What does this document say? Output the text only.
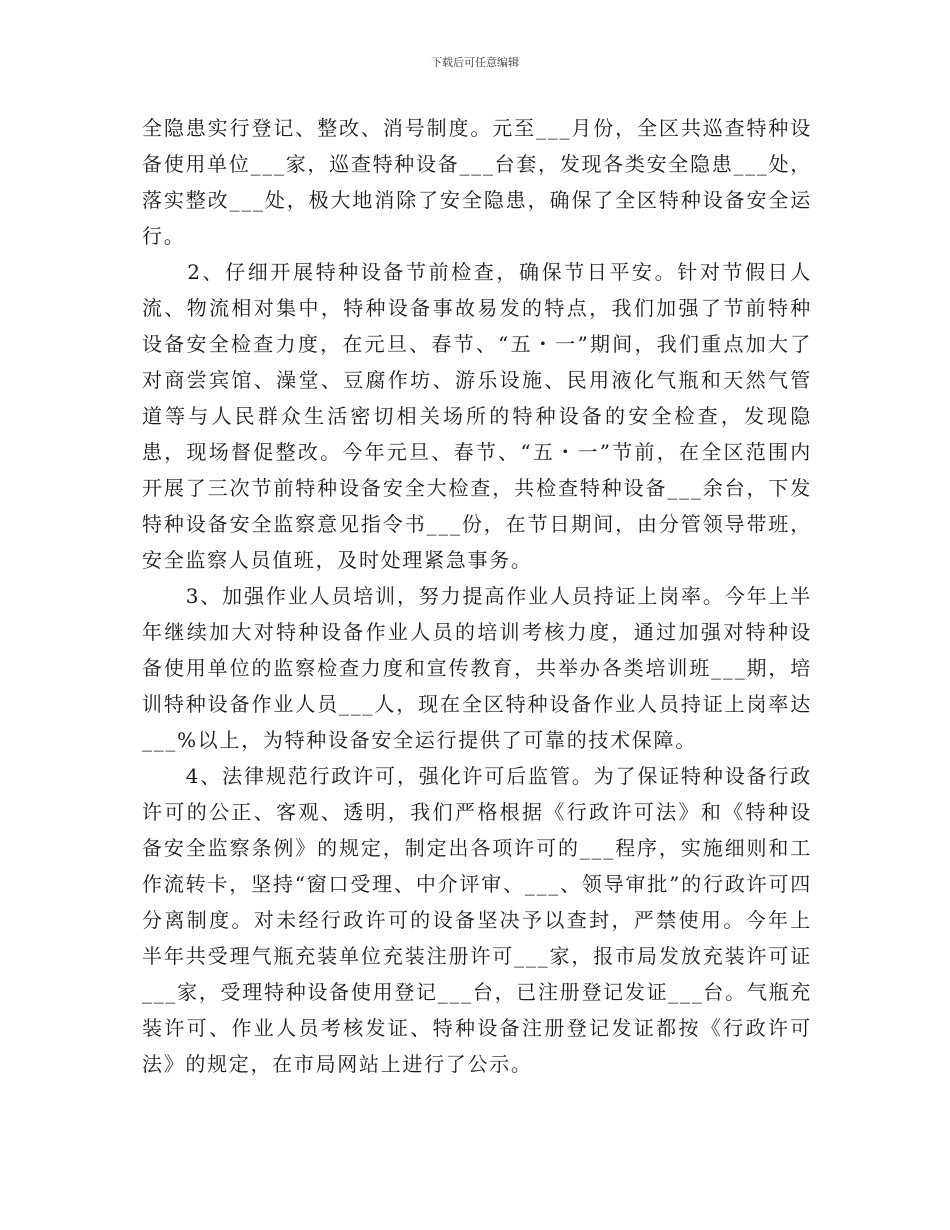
下载后可任意编辑

全隐患实行登记、整改、消号制度。元至___月份，全区共巡查特种设备使用单位___家，巡查特种设备___台套，发现各类安全隐患___处，落实整改___处，极大地消除了安全隐患，确保了全区特种设备安全运行。

　　2、仔细开展特种设备节前检查，确保节日平安。针对节假日人流、物流相对集中，特种设备事故易发的特点，我们加强了节前特种设备安全检查力度，在元旦、春节、“五・一”期间，我们重点加大了对商尝宾馆、澡堂、豆腐作坊、游乐设施、民用液化气瓶和天然气管道等与人民群众生活密切相关场所的特种设备的安全检查，发现隐患，现场督促整改。今年元旦、春节、“五・一”节前，在全区范围内开展了三次节前特种设备安全大检查，共检查特种设备___余台，下发特种设备安全监察意见指令书___份，在节日期间，由分管领导带班，安全监察人员值班，及时处理紧急事务。

　　3、加强作业人员培训，努力提高作业人员持证上岗率。今年上半年继续加大对特种设备作业人员的培训考核力度，通过加强对特种设备使用单位的监察检查力度和宣传教育，共举办各类培训班___期，培训特种设备作业人员___人，现在全区特种设备作业人员持证上岗率达___%以上，为特种设备安全运行提供了可靠的技术保障。

　　4、法律规范行政许可，强化许可后监管。为了保证特种设备行政许可的公正、客观、透明，我们严格根据《行政许可法》和《特种设备安全监察条例》的规定，制定出各项许可的___程序，实施细则和工作流转卡，坚持“窗口受理、中介评审、___、领导审批”的行政许可四分离制度。对未经行政许可的设备坚决予以查封，严禁使用。今年上半年共受理气瓶充装单位充装注册许可___家，报市局发放充装许可证___家，受理特种设备使用登记___台，已注册登记发证___台。气瓶充装许可、作业人员考核发证、特种设备注册登记发证都按《行政许可法》的规定，在市局网站上进行了公示。
